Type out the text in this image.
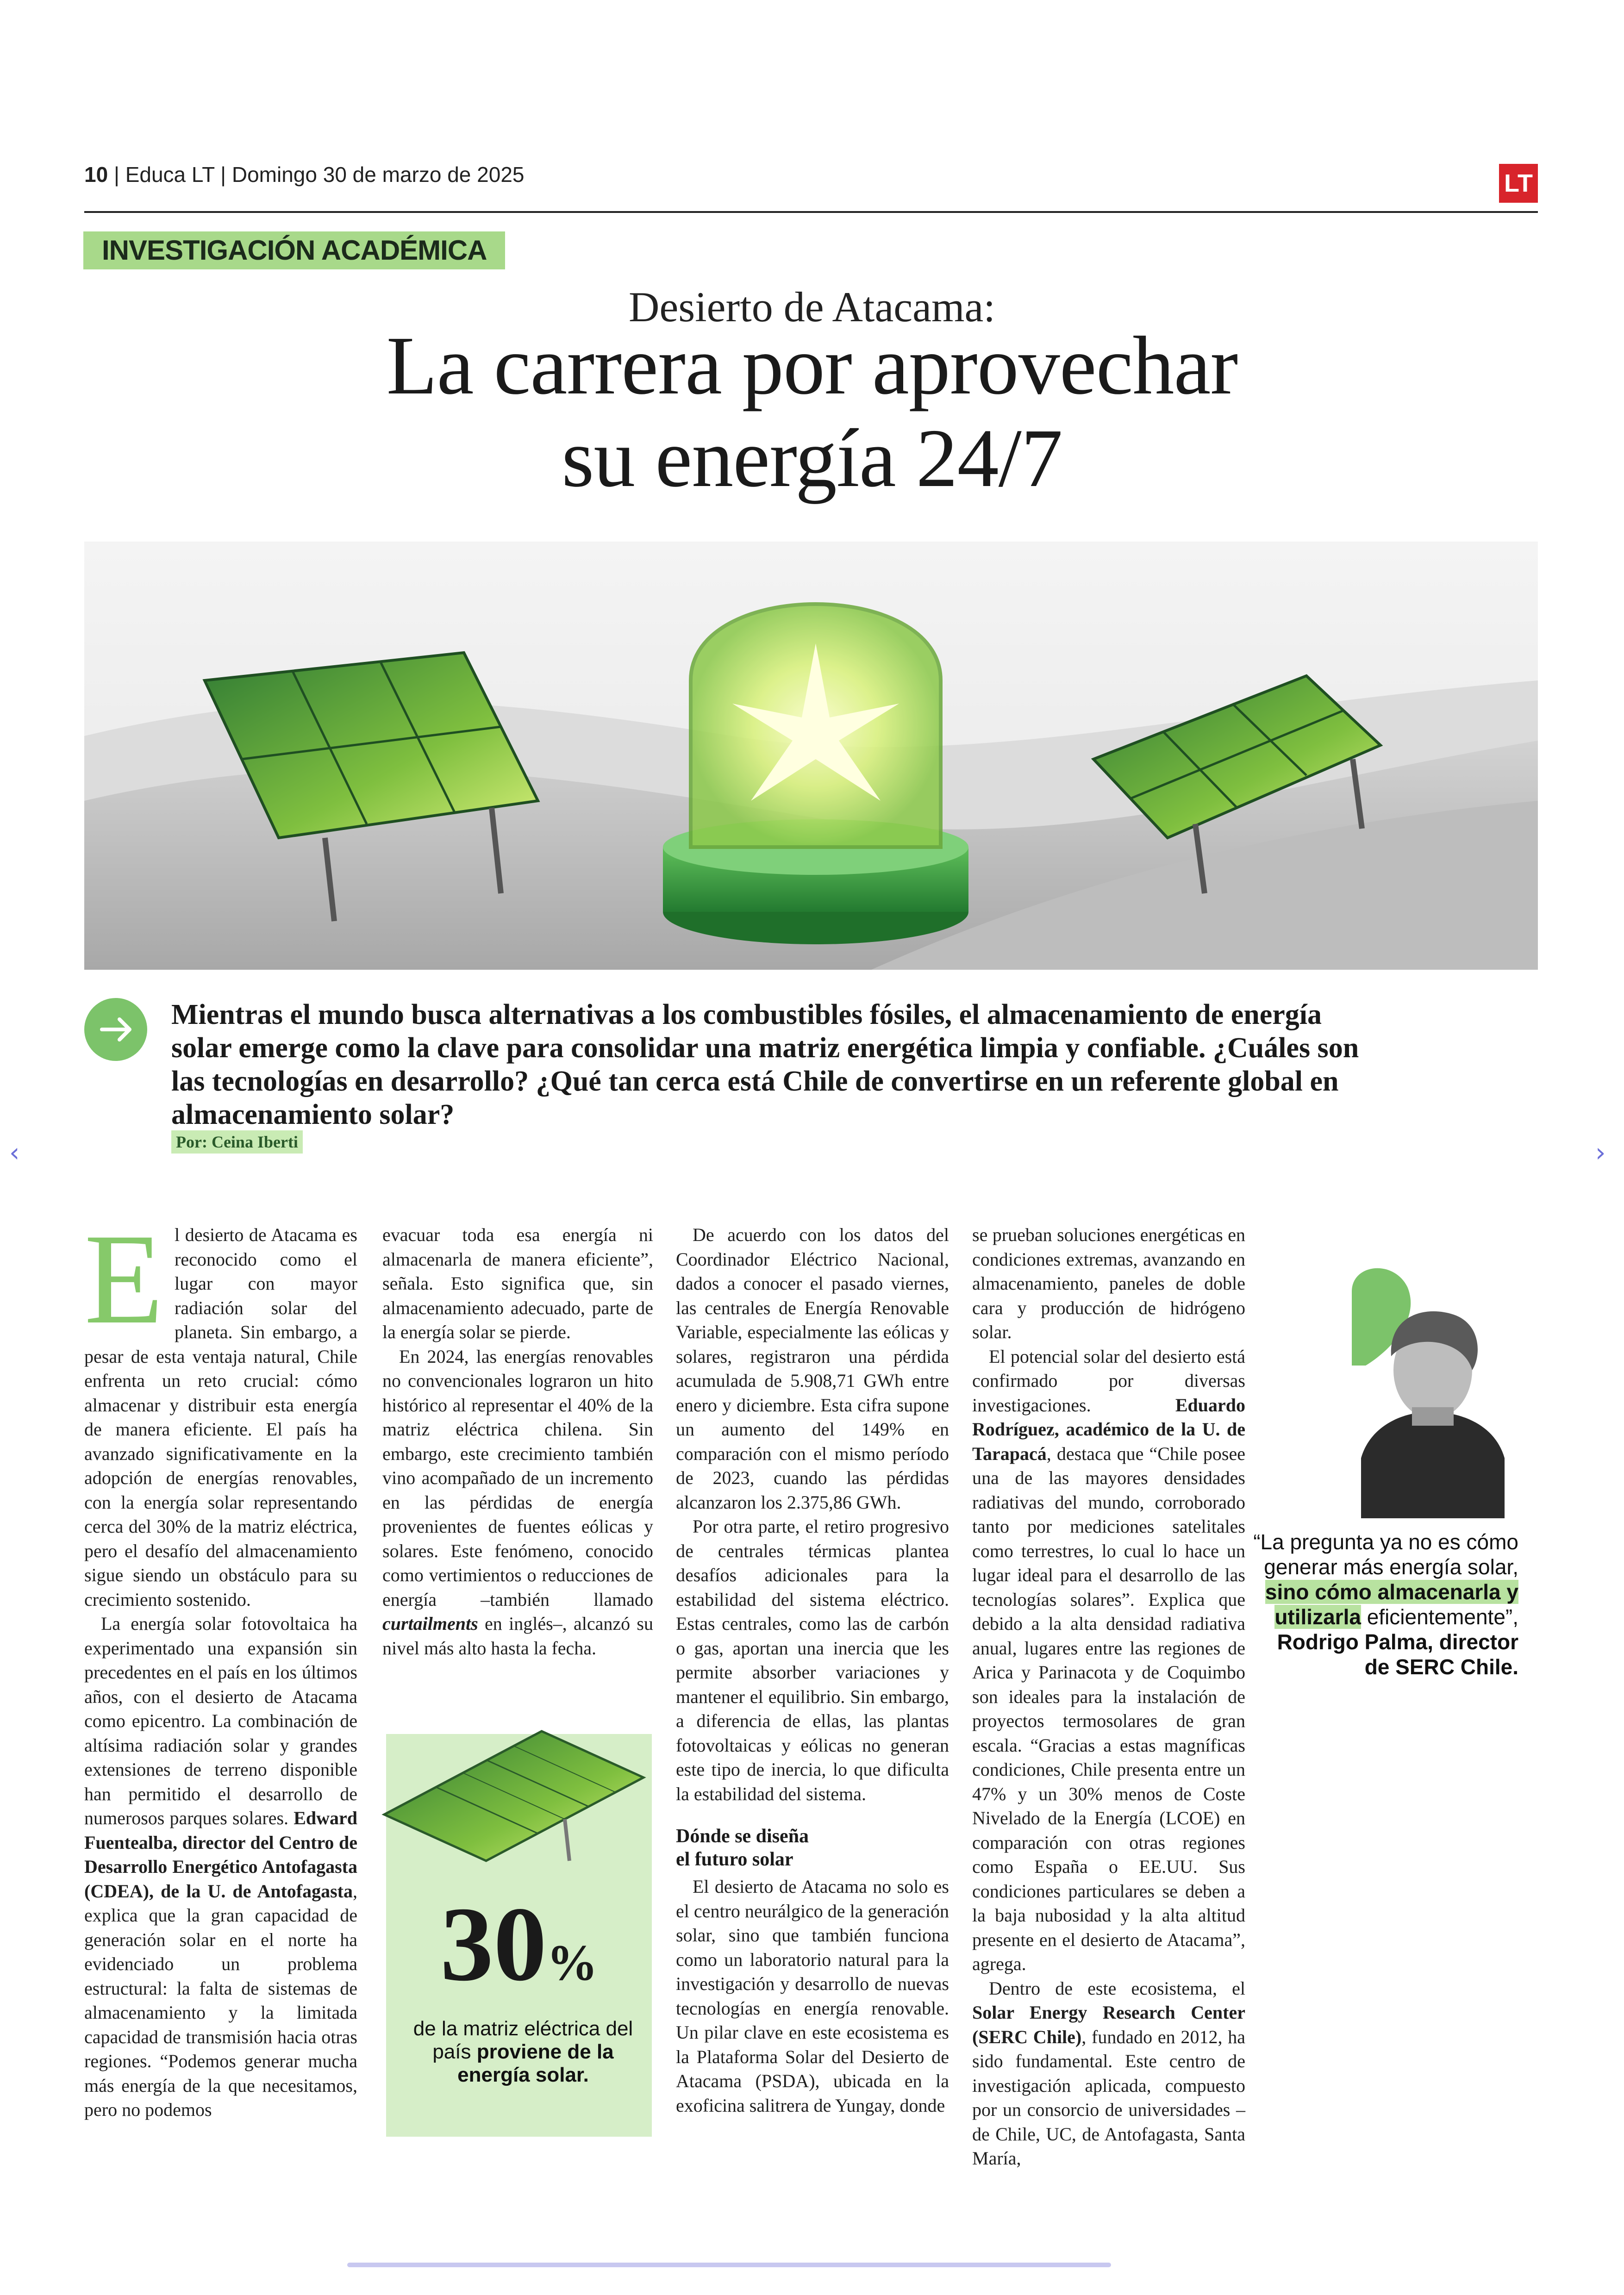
10 | Educa LT | Domingo 30 de marzo de 2025	LT
INVESTIGACIÓN ACADÉMICA
Desierto de Atacama:
La carrera por aprovechar
su energía 24/7
Mientras el mundo busca alternativas a los combustibles fósiles, el almacenamiento de energía solar emerge como la clave para consolidar una matriz energética limpia y confiable. ¿Cuáles son las tecnologías en desarrollo? ¿Qué tan cerca está Chile de convertirse en un referente global en almacenamiento solar?
Por: Ceina Iberti
‹	›
E l desierto de Atacama es reconocido como el lugar con mayor radiación solar del planeta. Sin embargo, a pesar de esta ventaja natural, Chile enfrenta un reto crucial: cómo almacenar y distribuir esta energía de manera eficiente. El país ha avanzado significativamente en la adopción de energías renovables, con la energía solar representando cerca del 30% de la matriz eléctrica, pero el desafío del almacenamiento sigue siendo un obstáculo para su crecimiento sostenido.

La energía solar fotovoltaica ha experimentado una expansión sin precedentes en el país en los últimos años, con el desierto de Atacama como epicentro. La combinación de altísima radiación solar y grandes extensiones de terreno disponible han permitido el desarrollo de numerosos parques solares. Edward Fuentealba, director del Centro de Desarrollo Energético Antofagasta (CDEA), de la U. de Antofagasta, explica que la gran capacidad de generación solar en el norte ha evidenciado un problema estructural: la falta de sistemas de almacenamiento y la limitada capacidad de transmisión hacia otras regiones. “Podemos generar mucha más energía de la que necesitamos, pero no podemos

evacuar toda esa energía ni almacenarla de manera eficiente”, señala. Esto significa que, sin almacenamiento adecuado, parte de la energía solar se pierde.

En 2024, las energías renovables no convencionales lograron un hito histórico al representar el 40% de la matriz eléctrica chilena. Sin embargo, este crecimiento también vino acompañado de un incremento en las pérdidas de energía provenientes de fuentes eólicas y solares. Este fenómeno, conocido como vertimientos o reducciones de energía –también llamado curtailments en inglés–, alcanzó su nivel más alto hasta la fecha.

30%
de la matriz eléctrica del país proviene de la energía solar.

De acuerdo con los datos del Coordinador Eléctrico Nacional, dados a conocer el pasado viernes, las centrales de Energía Renovable Variable, especialmente las eólicas y solares, registraron una pérdida acumulada de 5.908,71 GWh entre enero y diciembre. Esta cifra supone un aumento del 149% en comparación con el mismo período de 2023, cuando las pérdidas alcanzaron los 2.375,86 GWh.

Por otra parte, el retiro progresivo de centrales térmicas plantea desafíos adicionales para la estabilidad del sistema eléctrico. Estas centrales, como las de carbón o gas, aportan una inercia que les permite absorber variaciones y mantener el equilibrio. Sin embargo, a diferencia de ellas, las plantas fotovoltaicas y eólicas no generan este tipo de inercia, lo que dificulta la estabilidad del sistema.

Dónde se diseña
el futuro solar

El desierto de Atacama no solo es el centro neurálgico de la generación solar, sino que también funciona como un laboratorio natural para la investigación y desarrollo de nuevas tecnologías en energía renovable. Un pilar clave en este ecosistema es la Plataforma Solar del Desierto de Atacama (PSDA), ubicada en la exoficina salitrera de Yungay, donde

se prueban soluciones energéticas en condiciones extremas, avanzando en almacenamiento, paneles de doble cara y producción de hidrógeno solar.

El potencial solar del desierto está confirmado por diversas investigaciones. Eduardo Rodríguez, académico de la U. de Tarapacá, destaca que “Chile posee una de las mayores densidades radiativas del mundo, corroborado tanto por mediciones satelitales como terrestres, lo cual lo hace un lugar ideal para el desarrollo de las tecnologías solares”. Explica que debido a la alta densidad radiativa anual, lugares entre las regiones de Arica y Parinacota y de Coquimbo son ideales para la instalación de proyectos termosolares de gran escala. “Gracias a estas magníficas condiciones, Chile presenta entre un 47% y un 30% menos de Coste Nivelado de la Energía (LCOE) en comparación con otras regiones como España o EE.UU. Sus condiciones particulares se deben a la baja nubosidad y la alta altitud presente en el desierto de Atacama”, agrega.

Dentro de este ecosistema, el Solar Energy Research Center (SERC Chile), fundado en 2012, ha sido fundamental. Este centro de investigación aplicada, compuesto por un consorcio de universidades –de Chile, UC, de Antofagasta, Santa María,

“La pregunta ya no es cómo generar más energía solar, sino cómo almacenarla y utilizarla eficientemente”,
Rodrigo Palma, director de SERC Chile.
